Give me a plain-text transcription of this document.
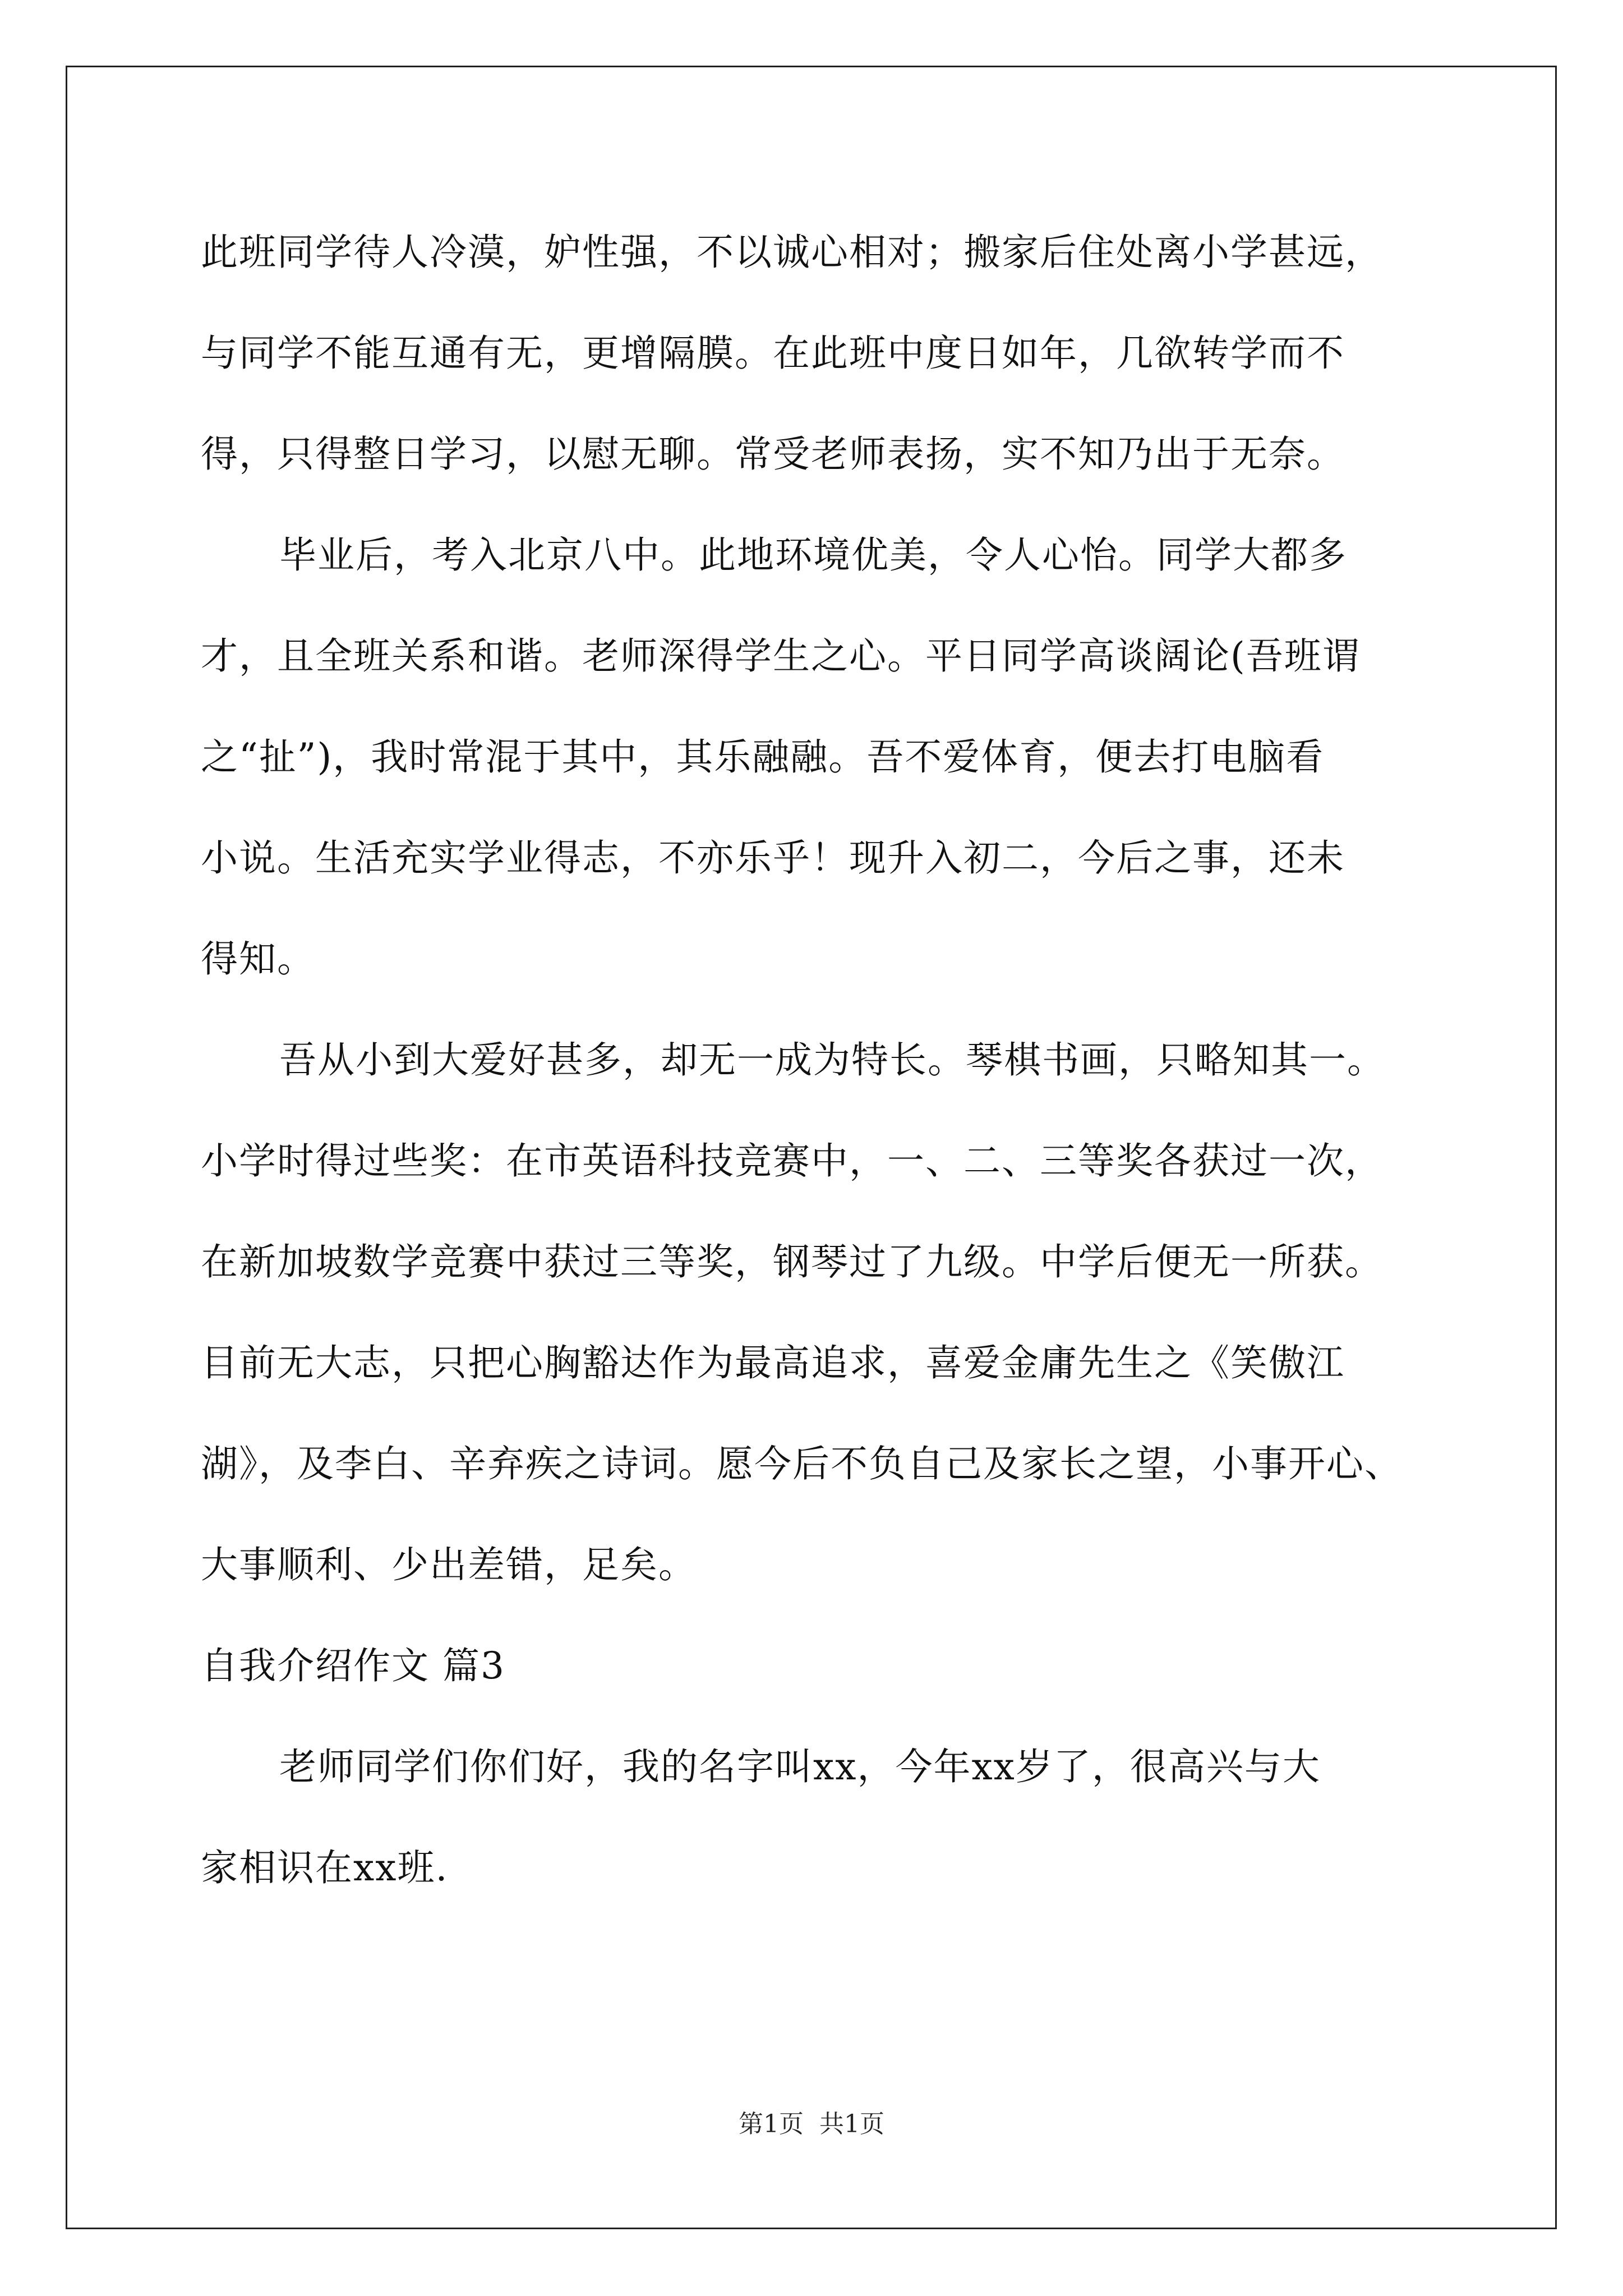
此班同学待人冷漠，妒性强，不以诚心相对；搬家后住处离小学甚远，
与同学不能互通有无，更增隔膜。在此班中度日如年，几欲转学而不
得，只得整日学习，以慰无聊。常受老师表扬，实不知乃出于无奈。
毕业后，考入北京八中。此地环境优美，令人心怡。同学大都多
才，且全班关系和谐。老师深得学生之心。平日同学高谈阔论(吾班谓
之“扯”)，我时常混于其中，其乐融融。吾不爱体育，便去打电脑看
小说。生活充实学业得志，不亦乐乎！现升入初二，今后之事，还未
得知。
吾从小到大爱好甚多，却无一成为特长。琴棋书画，只略知其一。
小学时得过些奖：在市英语科技竞赛中，一、二、三等奖各获过一次，
在新加坡数学竞赛中获过三等奖，钢琴过了九级。中学后便无一所获。
目前无大志，只把心胸豁达作为最高追求，喜爱金庸先生之《笑傲江
湖》，及李白、辛弃疾之诗词。愿今后不负自己及家长之望，小事开心、
大事顺利、少出差错，足矣。
自我介绍作文 篇3
老师同学们你们好，我的名字叫xx，今年xx岁了，很高兴与大
家相识在xx班.
第1页 共1页
